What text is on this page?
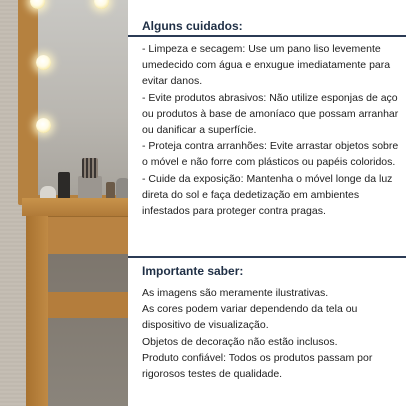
Alguns cuidados:

- Limpeza e secagem: Use um pano liso levemente umedecido com água e enxugue imediatamente para evitar danos.

- Evite produtos abrasivos: Não utilize esponjas de aço ou produtos à base de amoníaco que possam arranhar ou danificar a superfície.

- Proteja contra arranhões: Evite arrastar objetos sobre o móvel e não forre com plásticos ou papéis coloridos.

- Cuide da exposição: Mantenha o móvel longe da luz direta do sol e faça dedetização em ambientes infestados para proteger contra pragas.

Importante saber:

As imagens são meramente ilustrativas.

As cores podem variar dependendo da tela ou dispositivo de visualização.

Objetos de decoração não estão inclusos.

Produto confiável: Todos os produtos passam por rigorosos testes de qualidade.
